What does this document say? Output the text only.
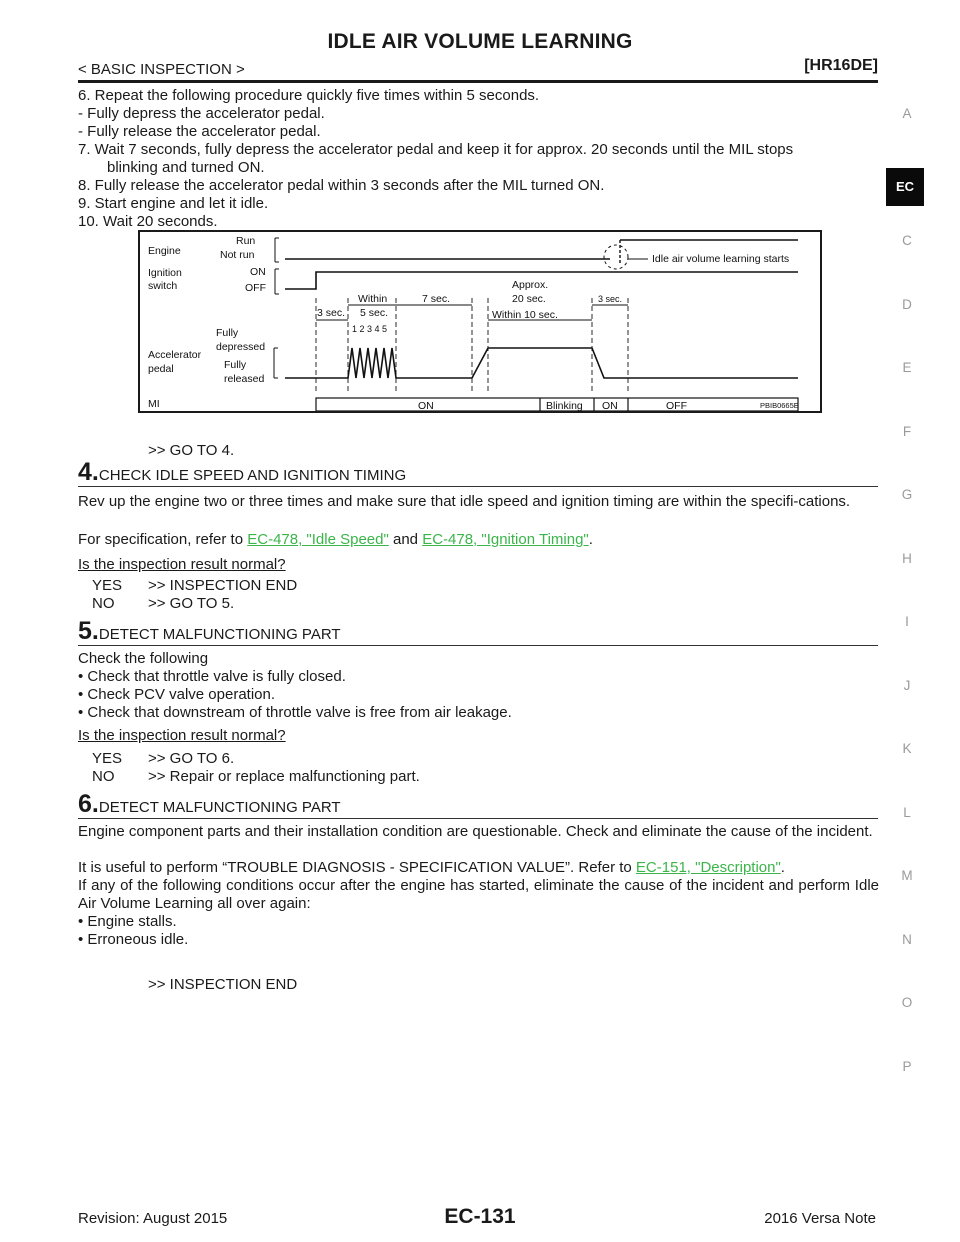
IDLE AIR VOLUME LEARNING
< BASIC INSPECTION >	[HR16DE]
A
EC
C
D
E
F
G
H
I
J
K
L
M
N
O
P
6. Repeat the following procedure quickly five times within 5 seconds.
- Fully depress the accelerator pedal.
- Fully release the accelerator pedal.
7. Wait 7 seconds, fully depress the accelerator pedal and keep it for approx. 20 seconds until the MIL stops
blinking and turned ON.
8. Fully release the accelerator pedal within 3 seconds after the MIL turned ON.
9. Start engine and let it idle.
10. Wait 20 seconds.
Engine
Run
Not run
Ignition
switch
ON
OFF
Fully
depressed
Accelerator
pedal	Fully
released
MI
Idle air volume learning starts
3 sec.
Within
5 sec.
7 sec.
Approx.
20 sec.	3 sec.
Within 10 sec.
1 2 3 4 5
ON	Blinking ON	OFF	PBIB0665E
>> GO TO 4.
4.CHECK IDLE SPEED AND IGNITION TIMING
Rev up the engine two or three times and make sure that idle speed and ignition timing are within the specifi-cations.
For specification, refer to EC-478, "Idle Speed" and EC-478, "Ignition Timing".
Is the inspection result normal?
YES >> INSPECTION END
NO >> GO TO 5.
5.DETECT MALFUNCTIONING PART
Check the following
• Check that throttle valve is fully closed.
• Check PCV valve operation.
• Check that downstream of throttle valve is free from air leakage.
Is the inspection result normal?
YES >> GO TO 6.
NO >> Repair or replace malfunctioning part.
6.DETECT MALFUNCTIONING PART
Engine component parts and their installation condition are questionable. Check and eliminate the cause of the incident.
It is useful to perform “TROUBLE DIAGNOSIS - SPECIFICATION VALUE”. Refer to EC-151, "Description".
If any of the following conditions occur after the engine has started, eliminate the cause of the incident and perform Idle Air Volume Learning all over again:
• Engine stalls.
• Erroneous idle.
>> INSPECTION END
Revision: August 2015	EC-131	2016 Versa Note
